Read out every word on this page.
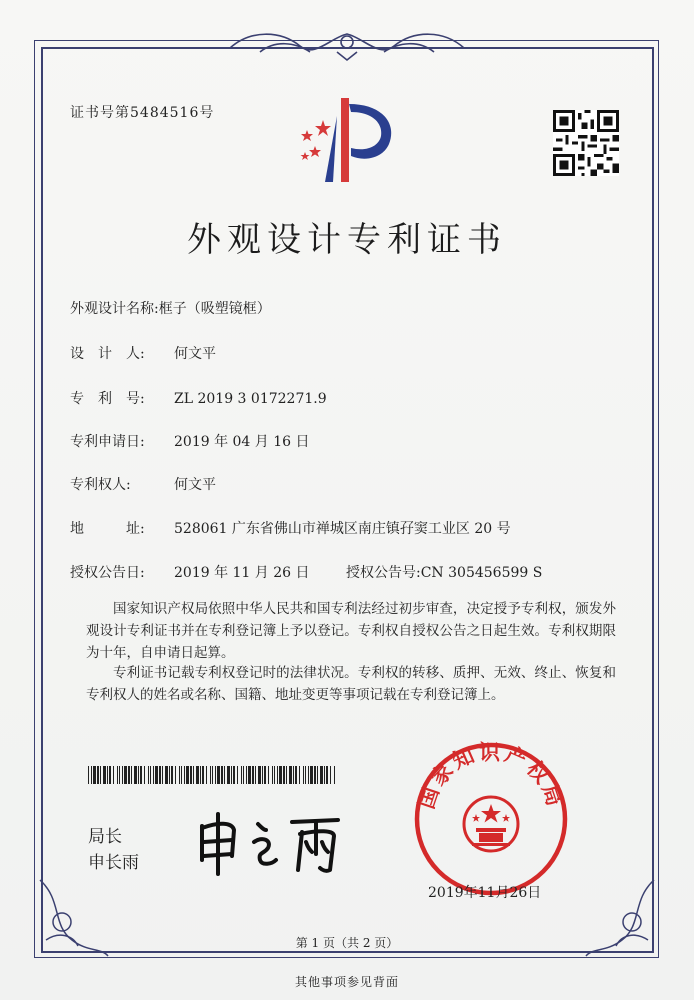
证书号第5484516号
外观设计专利证书
外观设计名称:框子（吸塑镜框）
设　计　人: 何文平
专　利　号: ZL 2019 3 0172271.9
专利申请日: 2019 年 04 月 16 日
专利权人:	何文平
地　　　址: 528061 广东省佛山市禅城区南庄镇孖窦工业区 20 号
授权公告日: 2019 年 11 月 26 日	授权公告号:CN 305456599 S
国家知识产权局依照中华人民共和国专利法经过初步审查，决定授予专利权，颁发外观设计专利证书并在专利登记簿上予以登记。专利权自授权公告之日起生效。专利权期限为十年，自申请日起算。
专利证书记载专利权登记时的法律状况。专利权的转移、质押、无效、终止、恢复和专利权人的姓名或名称、国籍、地址变更等事项记载在专利登记簿上。
局长
申长雨
国家知识产权局
2019年11月26日
第 1 页（共 2 页）
其他事项参见背面
